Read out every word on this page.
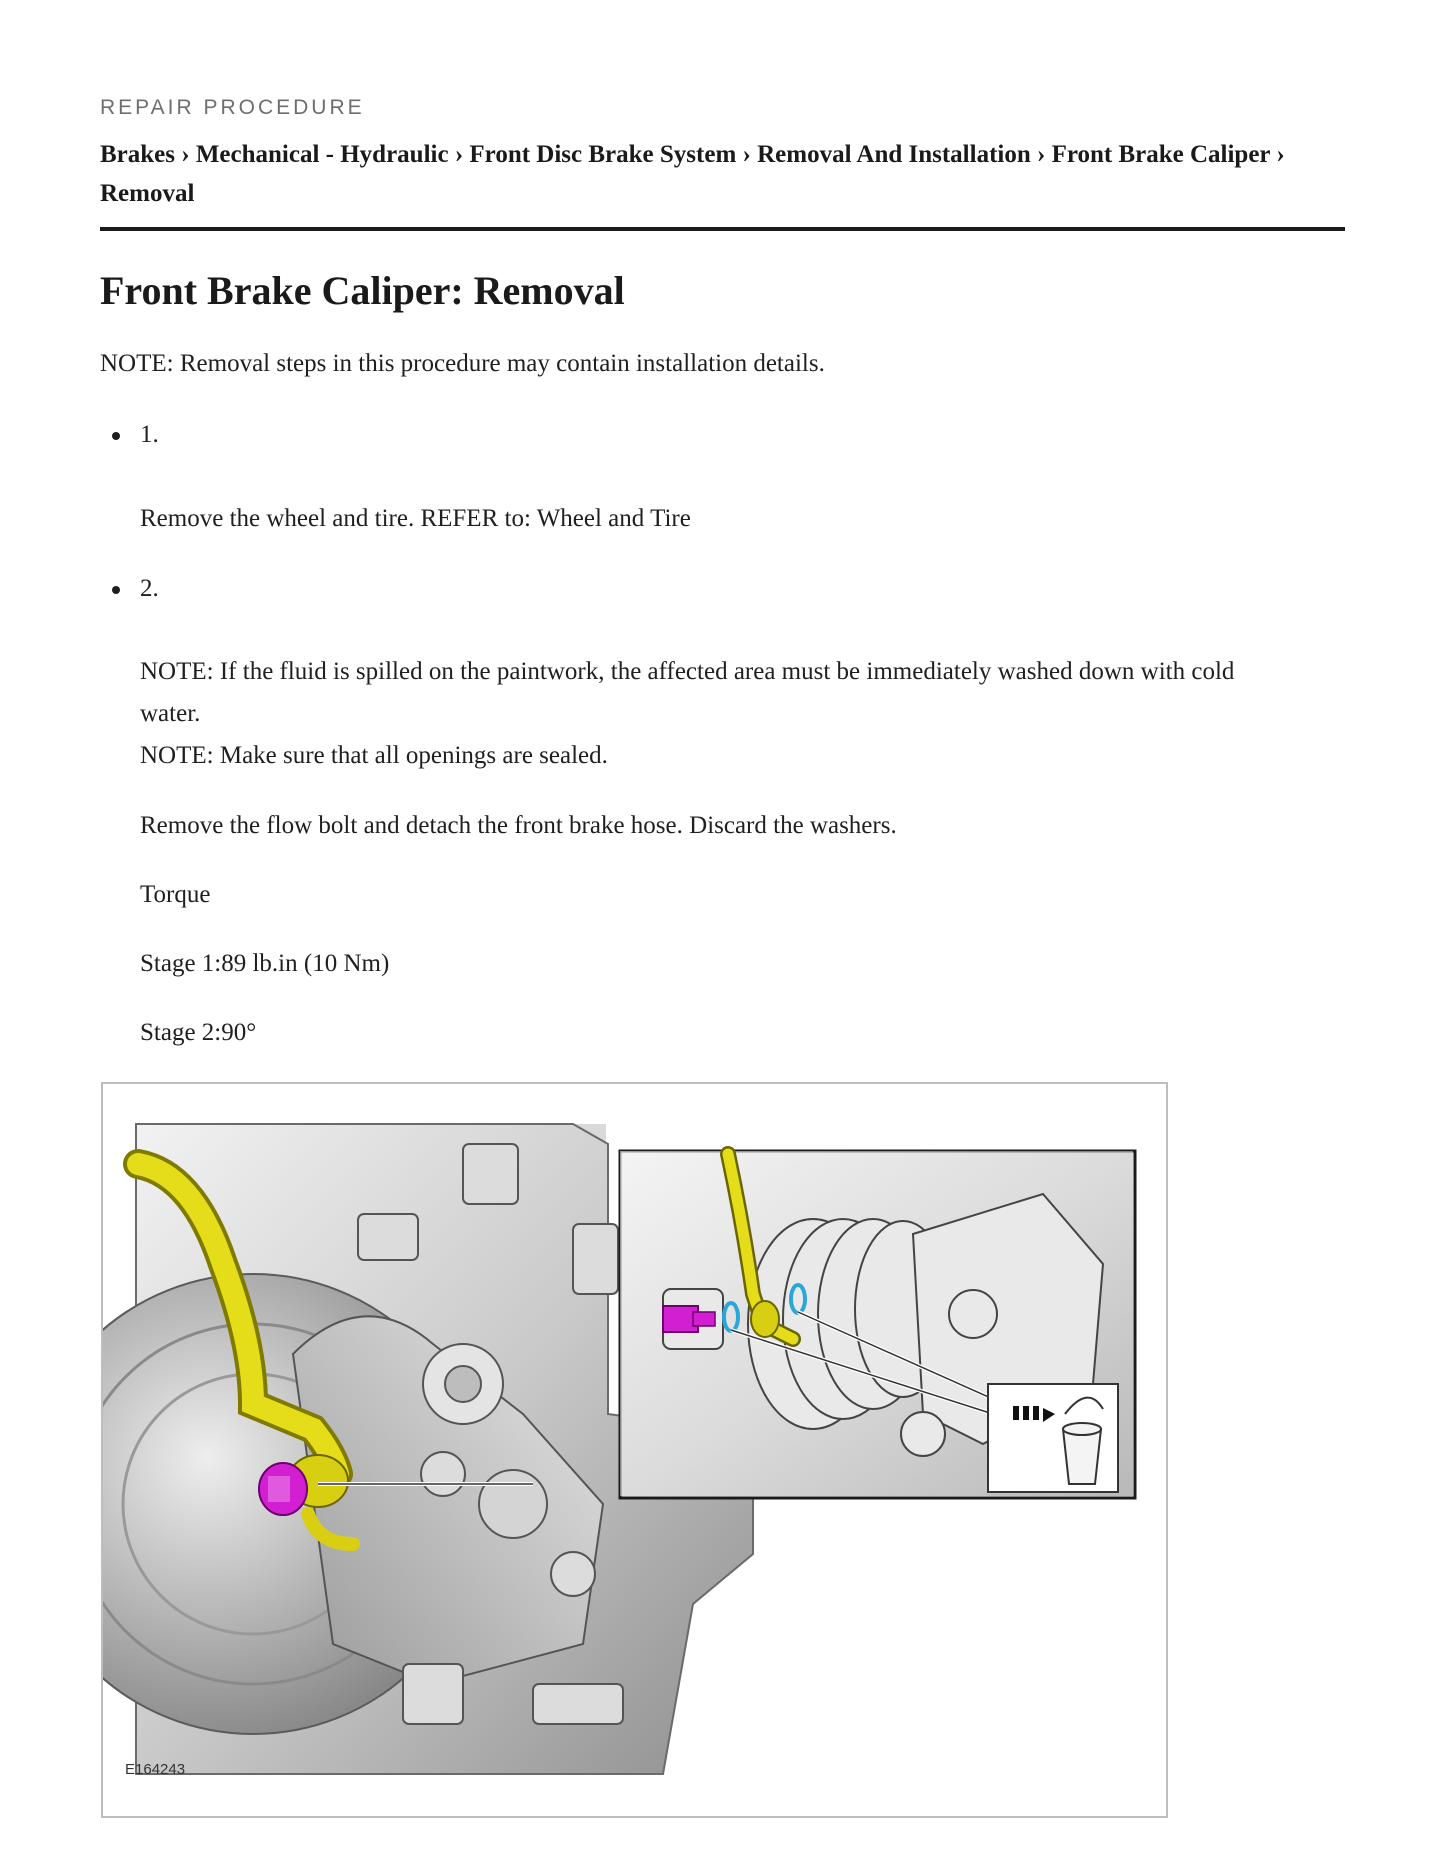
REPAIR PROCEDURE
Brakes › Mechanical - Hydraulic › Front Disc Brake System › Removal And Installation › Front Brake Caliper ›
Removal
Front Brake Caliper: Removal

NOTE: Removal steps in this procedure may contain installation details.

1.

Remove the wheel and tire. REFER to: Wheel and Tire

2.

NOTE: If the fluid is spilled on the paintwork, the affected area must be immediately washed down with cold

water.

NOTE: Make sure that all openings are sealed.

Remove the flow bolt and detach the front brake hose. Discard the washers.

Torque

Stage 1:89 lb.in (10 Nm)

Stage 2:90°

E164243
